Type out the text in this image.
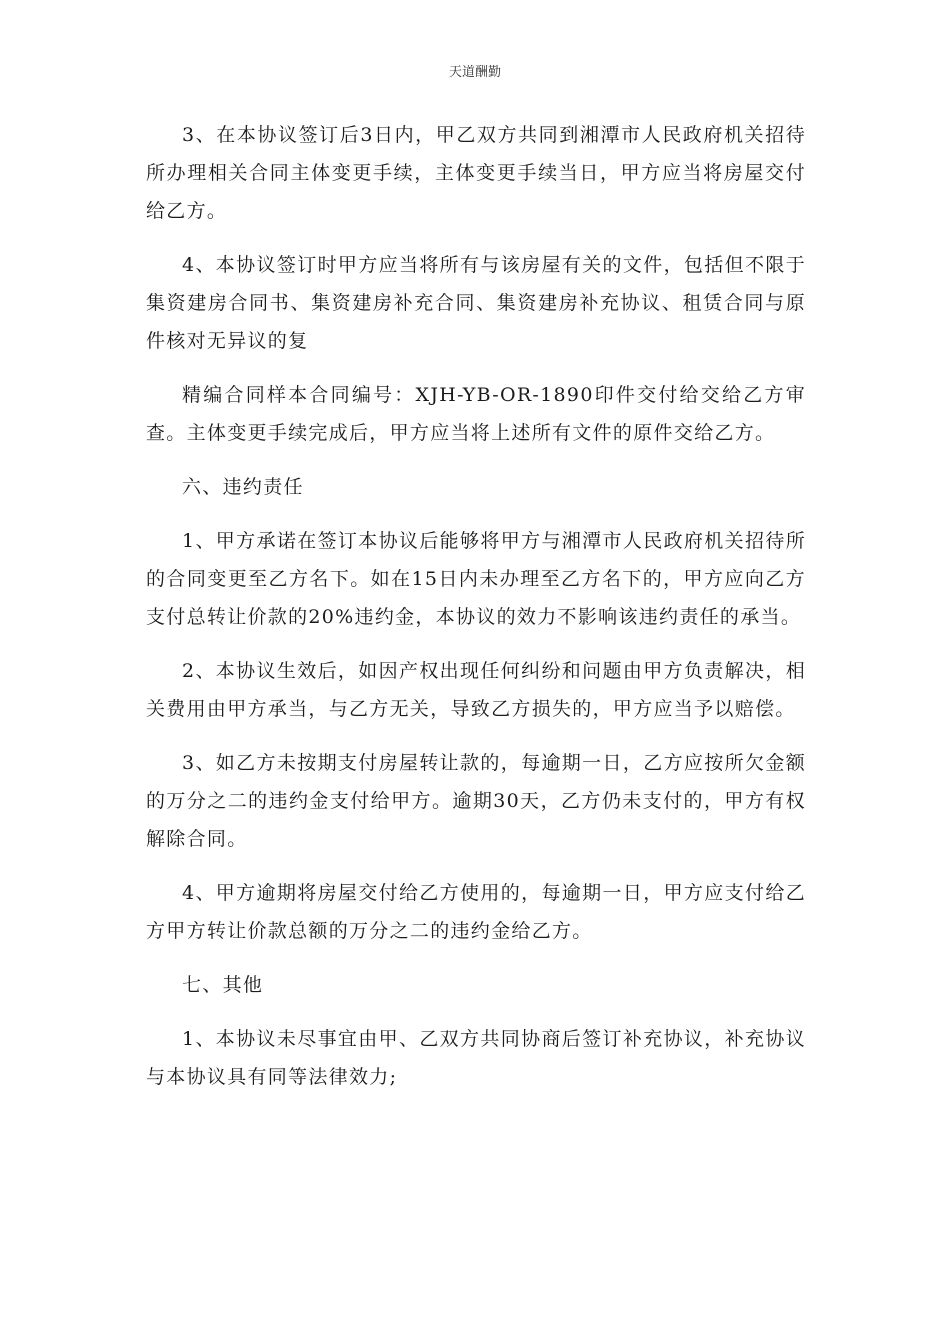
天道酬勤

3、在本协议签订后3日内，甲乙双方共同到湘潭市人民政府机关招待所办理相关合同主体变更手续，主体变更手续当日，甲方应当将房屋交付给乙方。

4、本协议签订时甲方应当将所有与该房屋有关的文件，包括但不限于集资建房合同书、集资建房补充合同、集资建房补充协议、租赁合同与原件核对无异议的复

精编合同样本合同编号：XJH-YB-OR-1890印件交付给交给乙方审查。主体变更手续完成后，甲方应当将上述所有文件的原件交给乙方。

六、违约责任

1、甲方承诺在签订本协议后能够将甲方与湘潭市人民政府机关招待所的合同变更至乙方名下。如在15日内未办理至乙方名下的，甲方应向乙方支付总转让价款的20%违约金，本协议的效力不影响该违约责任的承当。

2、本协议生效后，如因产权出现任何纠纷和问题由甲方负责解决，相关费用由甲方承当，与乙方无关，导致乙方损失的，甲方应当予以赔偿。

3、如乙方未按期支付房屋转让款的，每逾期一日，乙方应按所欠金额的万分之二的违约金支付给甲方。逾期30天，乙方仍未支付的，甲方有权解除合同。

4、甲方逾期将房屋交付给乙方使用的，每逾期一日，甲方应支付给乙方甲方转让价款总额的万分之二的违约金给乙方。

七、其他

1、本协议未尽事宜由甲、乙双方共同协商后签订补充协议，补充协议与本协议具有同等法律效力;
